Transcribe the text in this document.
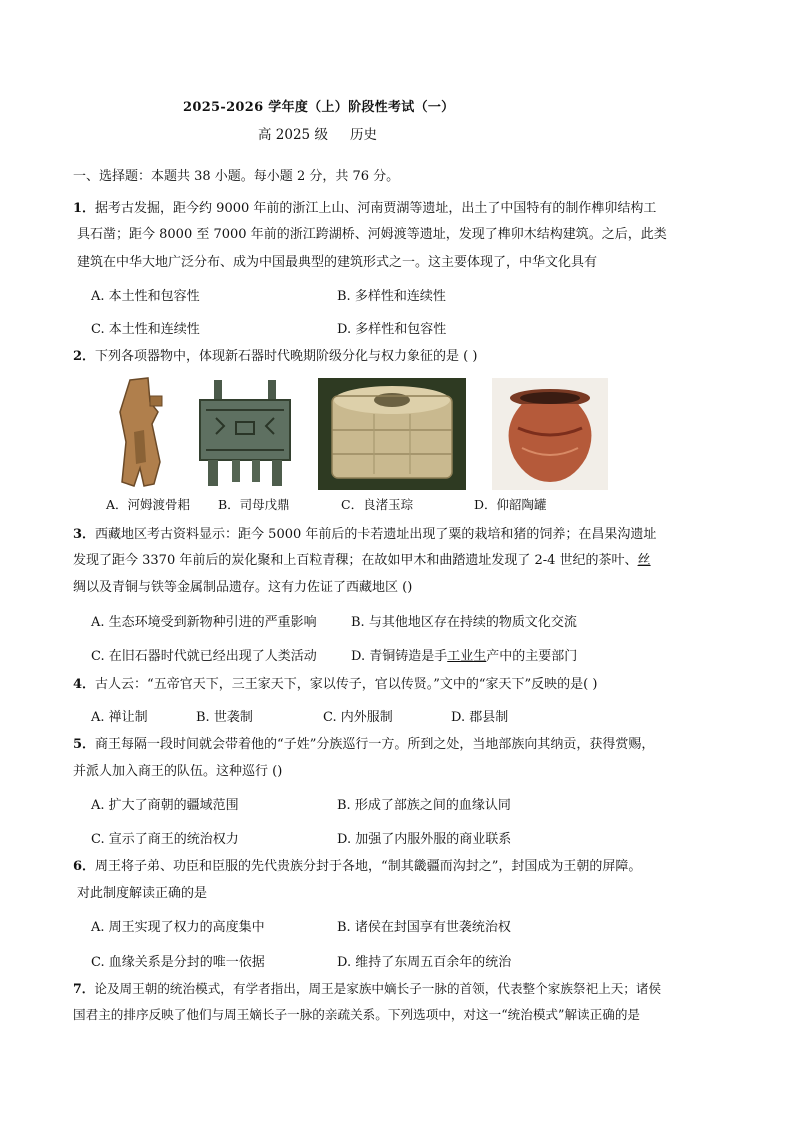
2025-2026 学年度（上）阶段性考试（一）
高 2025 级 历史
一、选择题：本题共 38 小题。每小题 2 分，共 76 分。
1．据考古发掘，距今约 9000 年前的浙江上山、河南贾湖等遗址，出土了中国特有的制作榫卯结构工
具石凿；距今 8000 至 7000 年前的浙江跨湖桥、河姆渡等遗址，发现了榫卯木结构建筑。之后，此类
建筑在中华大地广泛分布、成为中国最典型的建筑形式之一。这主要体现了，中华文化具有
A. 本土性和包容性	B. 多样性和连续性
C. 本土性和连续性	D. 多样性和包容性
2．下列各项器物中，体现新石器时代晚期阶级分化与权力象征的是 ( )
A．河姆渡骨耜 B．司母戊鼎	C．良渚玉琮	D．仰韶陶罐
3．西藏地区考古资料显示：距今 5000 年前后的卡若遗址出现了粟的栽培和猪的饲养；在昌果沟遗址
发现了距今 3370 年前后的炭化聚和上百粒青稞；在故如甲木和曲踏遗址发现了 2-4 世纪的茶叶、丝
绸以及青铜与铁等金属制品遗存。这有力佐证了西藏地区 ()
A. 生态环境受到新物种引进的严重影响	B. 与其他地区存在持续的物质文化交流
C. 在旧石器时代就已经出现了人类活动	D. 青铜铸造是手工业生产中的主要部门
4．古人云：“五帝官天下，三王家天下，家以传子，官以传贤。”文中的“家天下”反映的是( )
A. 禅让制	B. 世袭制	C. 内外服制	D. 郡县制
5．商王每隔一段时间就会带着他的“子姓”分族巡行一方。所到之处，当地部族向其纳贡，获得赏赐，
并派人加入商王的队伍。这种巡行 ()
A. 扩大了商朝的疆域范围	B. 形成了部族之间的血缘认同
C. 宣示了商王的统治权力	D. 加强了内服外服的商业联系
6．周王将子弟、功臣和臣服的先代贵族分封于各地，“制其畿疆而沟封之”，封国成为王朝的屏障。
对此制度解读正确的是
A. 周王实现了权力的高度集中	B. 诸侯在封国享有世袭统治权
C. 血缘关系是分封的唯一依据	D. 维持了东周五百余年的统治
7．论及周王朝的统治模式，有学者指出，周王是家族中嫡长子一脉的首领，代表整个家族祭祀上天；诸侯
国君主的排序反映了他们与周王嫡长子一脉的亲疏关系。下列选项中，对这一“统治模式”解读正确的是
